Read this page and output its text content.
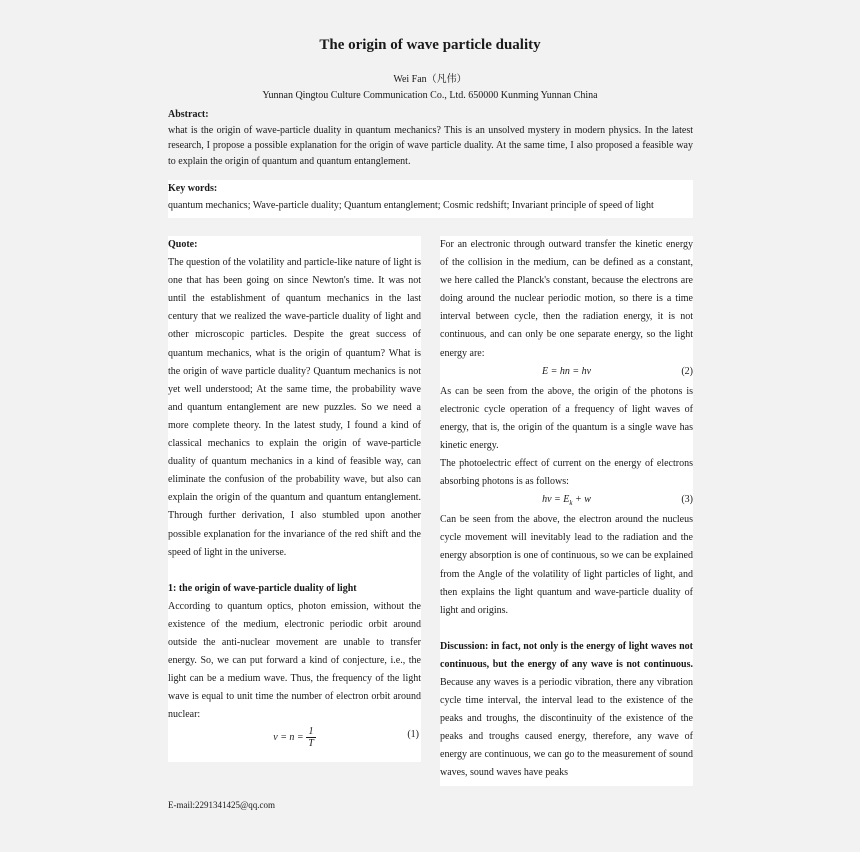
The origin of wave particle duality
Wei Fan（凡伟）
Yunnan Qingtou Culture Communication Co., Ltd. 650000 Kunming Yunnan China
Abstract:

what is the origin of wave-particle duality in quantum mechanics? This is an unsolved mystery in modern physics. In the latest research, I propose a possible explanation for the origin of wave particle duality. At the same time, I also proposed a feasible way to explain the origin of quantum and quantum entanglement.

Key words:
quantum mechanics; Wave-particle duality; Quantum entanglement; Cosmic redshift; Invariant principle of speed of light

Quote:

The question of the volatility and particle-like nature of light is one that has been going on since Newton's time. It was not until the establishment of quantum mechanics in the last century that we realized the wave-particle duality of light and other microscopic particles. Despite the great success of quantum mechanics, what is the origin of quantum? What is the origin of wave particle duality? Quantum mechanics is not yet well understood; At the same time, the probability wave and quantum entanglement are new puzzles. So we need a more complete theory. In the latest study, I found a kind of classical mechanics to explain the origin of wave-particle duality of quantum mechanics in a kind of feasible way, can eliminate the confusion of the probability wave, but also can explain the origin of the quantum and quantum entanglement. Through further derivation, I also stumbled upon another possible explanation for the invariance of the red shift and the speed of light in the universe.

1: the origin of wave-particle duality of light

According to quantum optics, photon emission, without the existence of the medium, electronic periodic orbit around outside the anti-nuclear movement are unable to transfer energy. So, we can put forward a kind of conjecture, i.e., the light can be a medium wave. Thus, the frequency of the light wave is equal to unit time the number of electron orbit around nuclear:

$v = n = \frac{1}{T}$	(1)

For an electronic through outward transfer the kinetic energy of the collision in the medium, can be defined as a constant, we here called the Planck's constant, because the electrons are doing around the nuclear periodic motion, so there is a time interval between cycle, then the radiation energy, it is not continuous, and can only be one separate energy, so the light energy are:

E = hn = hv	(2)

As can be seen from the above, the origin of the photons is electronic cycle operation of a frequency of light waves of energy, that is, the origin of the quantum is a single wave has kinetic energy.

The photoelectric effect of current on the energy of electrons absorbing photons is as follows:

hv = $E_k + w$	(3)

Can be seen from the above, the electron around the nucleus cycle movement will inevitably lead to the radiation and the energy absorption is one of continuous, so we can be explained from the Angle of the volatility of light particles of light, and then explains the light quantum and wave-particle duality of light and origins.

Discussion: in fact, not only is the energy of light waves not continuous, but the energy of any wave is not continuous. Because any waves is a periodic vibration, there any vibration cycle time interval, the interval lead to the existence of the peaks and troughs, the discontinuity of the existence of the peaks and troughs caused energy, therefore, any wave of energy are continuous, we can go to the measurement of sound waves, sound waves have peaks

E-mail:2291341425@qq.com
